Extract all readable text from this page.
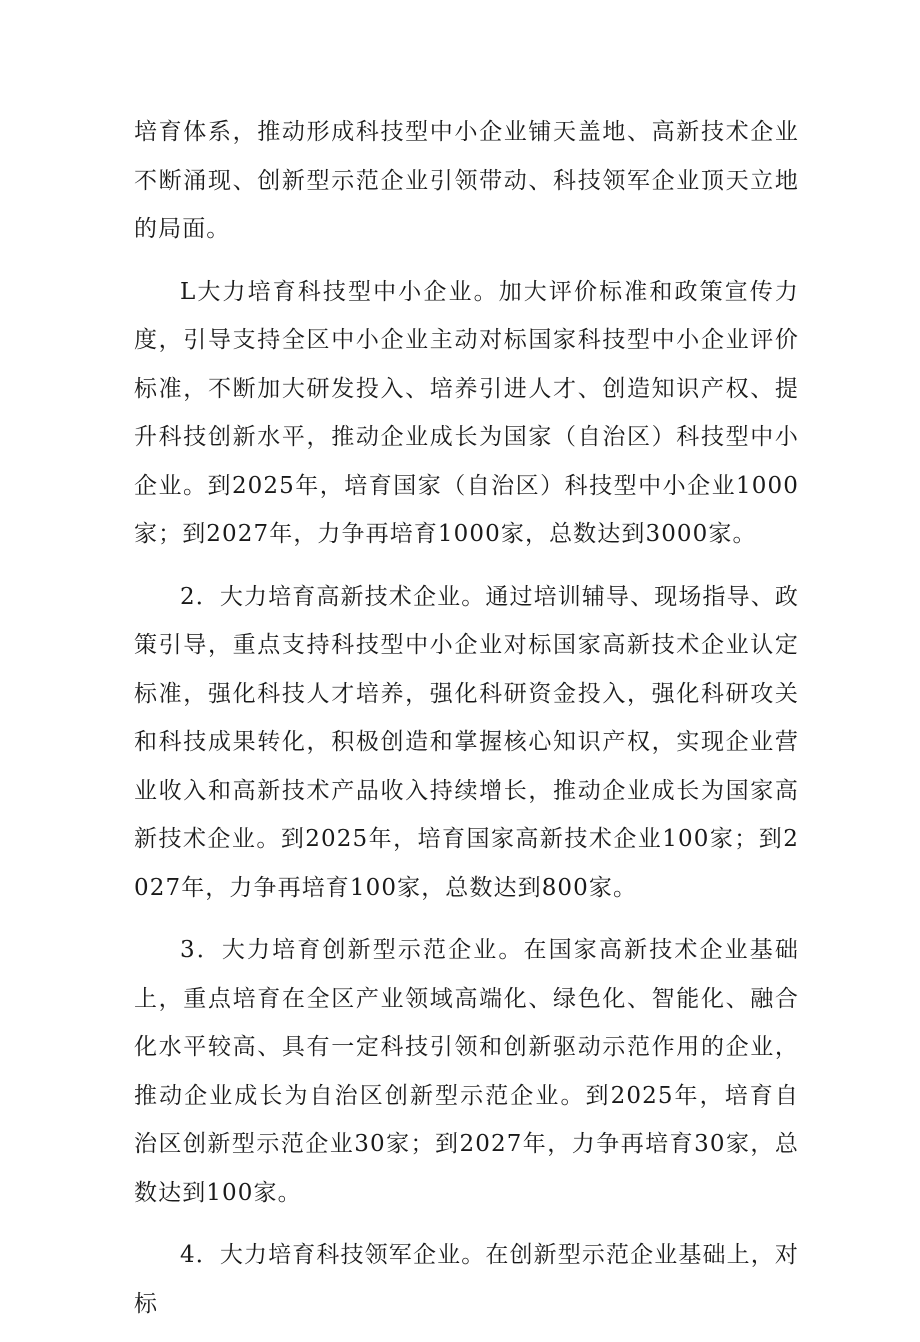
培育体系，推动形成科技型中小企业铺天盖地、高新技术企业不断涌现、创新型示范企业引领带动、科技领军企业顶天立地的局面。

L大力培育科技型中小企业。加大评价标准和政策宣传力度，引导支持全区中小企业主动对标国家科技型中小企业评价标准，不断加大研发投入、培养引进人才、创造知识产权、提升科技创新水平，推动企业成长为国家（自治区）科技型中小企业。到2025年，培育国家（自治区）科技型中小企业1000家；到2027年，力争再培育1000家，总数达到3000家。

2．大力培育高新技术企业。通过培训辅导、现场指导、政策引导，重点支持科技型中小企业对标国家高新技术企业认定标准，强化科技人才培养，强化科研资金投入，强化科研攻关和科技成果转化，积极创造和掌握核心知识产权，实现企业营业收入和高新技术产品收入持续增长，推动企业成长为国家高新技术企业。到2025年，培育国家高新技术企业100家；到2027年，力争再培育100家，总数达到800家。

3．大力培育创新型示范企业。在国家高新技术企业基础上，重点培育在全区产业领域高端化、绿色化、智能化、融合化水平较高、具有一定科技引领和创新驱动示范作用的企业，推动企业成长为自治区创新型示范企业。到2025年，培育自治区创新型示范企业30家；到2027年，力争再培育30家，总数达到100家。

4．大力培育科技领军企业。在创新型示范企业基础上，对标
